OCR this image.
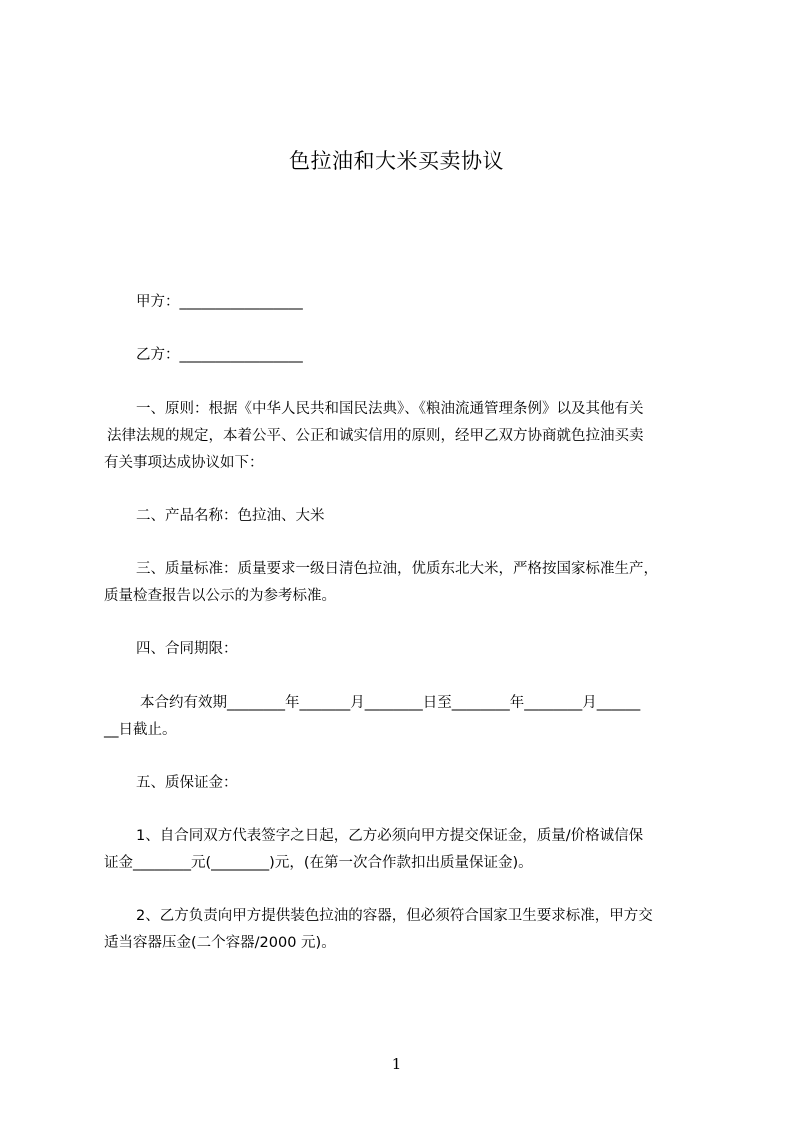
色拉油和大米买卖协议
甲方：_________________
乙方：_________________
一、原则：根据《中华人民共和国民法典》、《粮油流通管理条例》以及其他有关
法律法规的规定，本着公平、公正和诚实信用的原则，经甲乙双方协商就色拉油买卖
有关事项达成协议如下：
二、产品名称：色拉油、大米
三、质量标准：质量要求一级日清色拉油，优质东北大米，严格按国家标准生产，
质量检查报告以公示的为参考标准。
四、合同期限：
本合约有效期________年_______月________日至________年________月______
__日截止。
五、质保证金：
1、自合同双方代表签字之日起，乙方必须向甲方提交保证金，质量/价格诚信保
证金________元(________)元，(在第一次合作款扣出质量保证金)。
2、乙方负责向甲方提供装色拉油的容器，但必须符合国家卫生要求标准，甲方交
适当容器压金(二个容器/2000 元)。
1
